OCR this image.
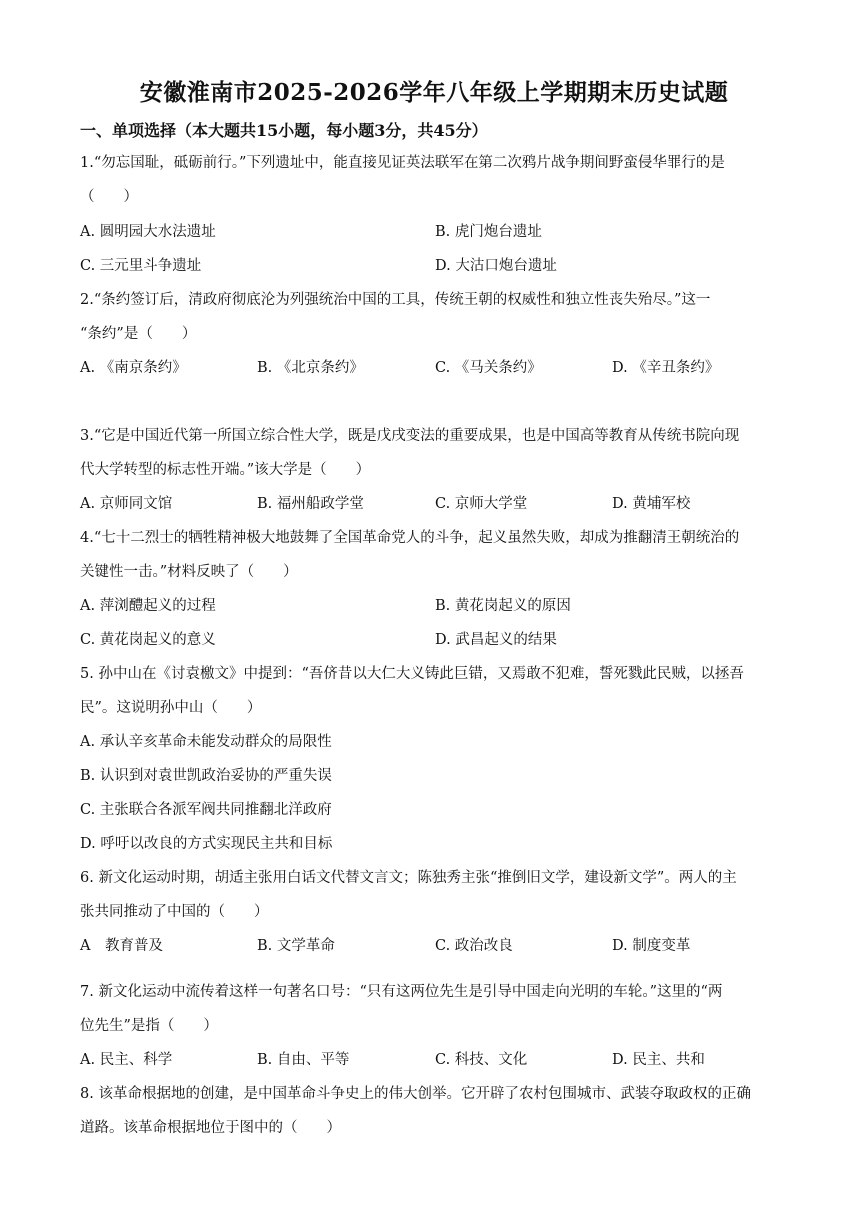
安徽淮南市2025-2026学年八年级上学期期末历史试题
一、单项选择（本大题共15小题，每小题3分，共45分）
1.“勿忘国耻，砥砺前行。”下列遗址中，能直接见证英法联军在第二次鸦片战争期间野蛮侵华罪行的是
（　　）
A. 圆明园大水法遗址	B. 虎门炮台遗址
C. 三元里斗争遗址	D. 大沽口炮台遗址
2.“条约签订后，清政府彻底沦为列强统治中国的工具，传统王朝的权威性和独立性丧失殆尽。”这一
“条约”是（　　）
A. 《南京条约》	B. 《北京条约》	C. 《马关条约》	D. 《辛丑条约》
3.“它是中国近代第一所国立综合性大学，既是戊戌变法的重要成果，也是中国高等教育从传统书院向现
代大学转型的标志性开端。”该大学是（　　）
A. 京师同文馆	B. 福州船政学堂	C. 京师大学堂	D. 黄埔军校
4.“七十二烈士的牺牲精神极大地鼓舞了全国革命党人的斗争，起义虽然失败，却成为推翻清王朝统治的
关键性一击。”材料反映了（　　）
A. 萍浏醴起义的过程	B. 黄花岗起义的原因
C. 黄花岗起义的意义	D. 武昌起义的结果
5. 孙中山在《讨袁檄文》中提到：“吾侪昔以大仁大义铸此巨错，又焉敢不犯难，誓死戮此民贼，以拯吾
民”。这说明孙中山（　　）
A. 承认辛亥革命未能发动群众的局限性
B. 认识到对袁世凯政治妥协的严重失误
C. 主张联合各派军阀共同推翻北洋政府
D. 呼吁以改良的方式实现民主共和目标
6. 新文化运动时期，胡适主张用白话文代替文言文；陈独秀主张“推倒旧文学，建设新文学”。两人的主
张共同推动了中国的（　　）
A　教育普及	B. 文学革命	C. 政治改良	D. 制度变革
7. 新文化运动中流传着这样一句著名口号：“只有这两位先生是引导中国走向光明的车轮。”这里的“两
位先生”是指（　　）
A. 民主、科学	B. 自由、平等	C. 科技、文化	D. 民主、共和
8. 该革命根据地的创建，是中国革命斗争史上的伟大创举。它开辟了农村包围城市、武装夺取政权的正确
道路。该革命根据地位于图中的（　　）
